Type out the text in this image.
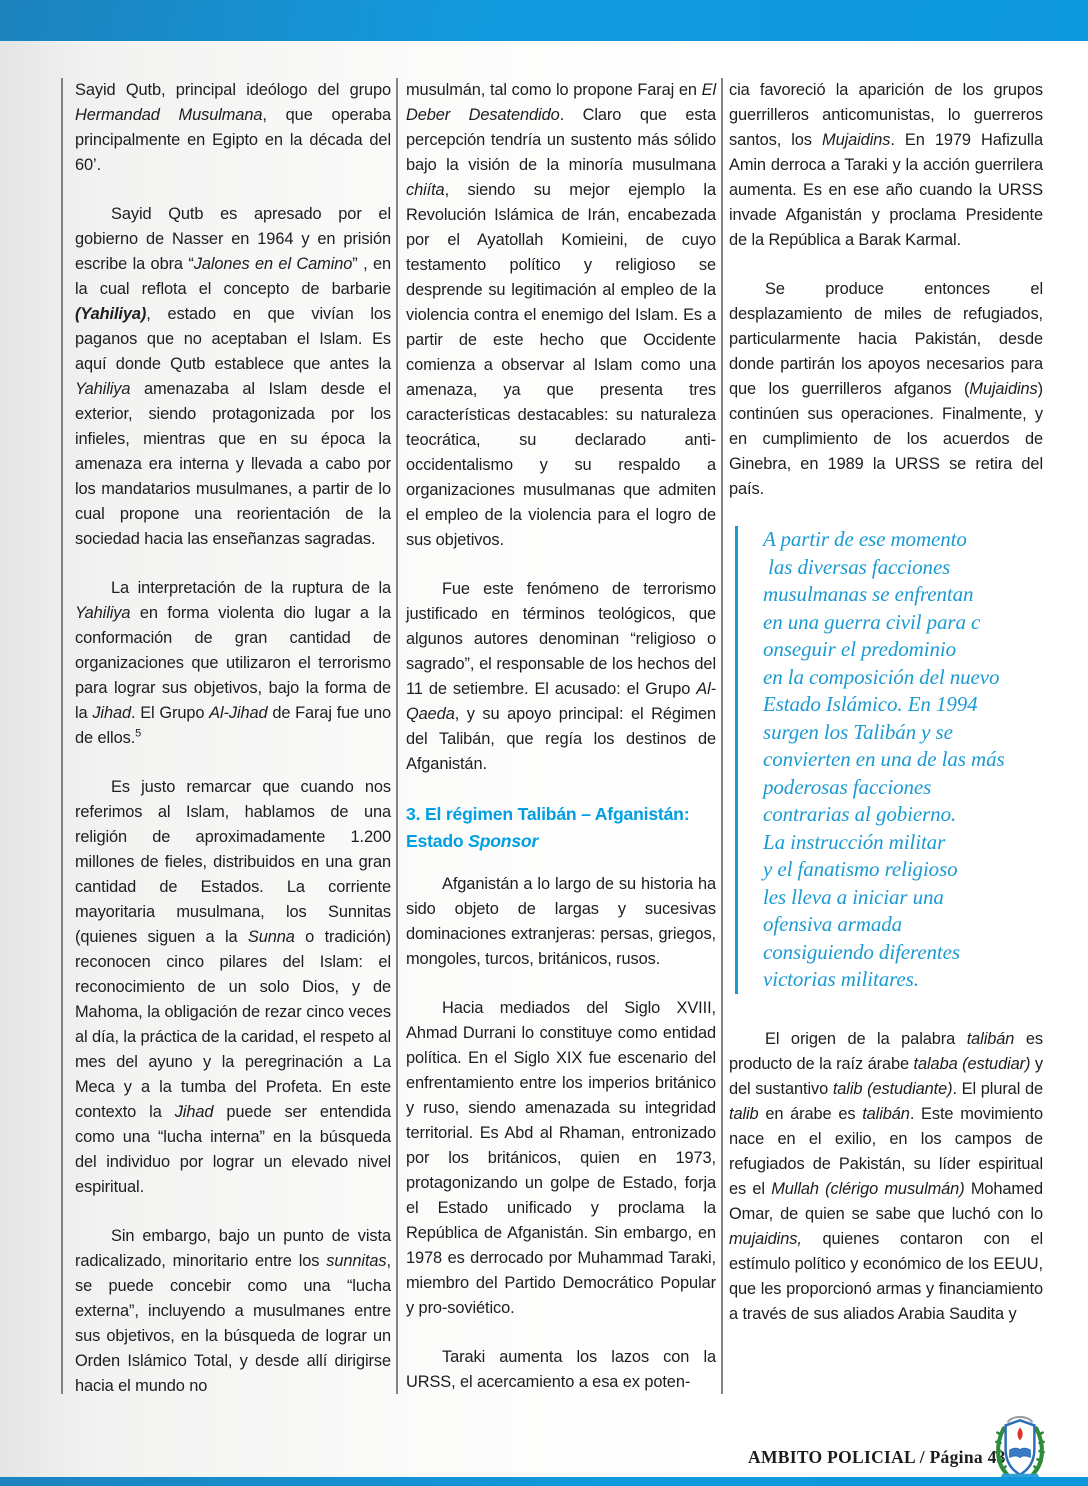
Sayid Qutb, principal ideólogo del grupo Hermandad Musulmana, que operaba principalmente en Egipto en la década del 60’.

Sayid Qutb es apresado por el gobierno de Nasser en 1964 y en prisión escribe la obra “Jalones en el Camino” , en la cual reflota el concepto de barbarie (Yahiliya), estado en que vivían los paganos que no aceptaban el Islam. Es aquí donde Qutb establece que antes la Yahiliya amenazaba al Islam desde el exterior, siendo protagonizada por los infieles, mientras que en su época la amenaza era interna y llevada a cabo por los mandatarios musulmanes, a partir de lo cual propone una reorientación de la sociedad hacia las enseñanzas sagradas.

La interpretación de la ruptura de la Yahiliya en forma violenta dio lugar a la conformación de gran cantidad de organizaciones que utilizaron el terrorismo para lograr sus objetivos, bajo la forma de la Jihad. El Grupo Al-Jihad de Faraj fue uno de ellos.$^5$

Es justo remarcar que cuando nos referimos al Islam, hablamos de una religión de aproximadamente 1.200 millones de fieles, distribuidos en una gran cantidad de Estados. La corriente mayoritaria musulmana, los Sunnitas (quienes siguen a la Sunna o tradición) reconocen cinco pilares del Islam: el reconocimiento de un solo Dios, y de Mahoma, la obligación de rezar cinco veces al día, la práctica de la caridad, el respeto al mes del ayuno y la peregrinación a La Meca y a la tumba del Profeta. En este contexto la Jihad puede ser entendida como una “lucha interna” en la búsqueda del individuo por lograr un elevado nivel espiritual.

Sin embargo, bajo un punto de vista radicalizado, minoritario entre los sunnitas, se puede concebir como una “lucha externa”, incluyendo a musulmanes entre sus objetivos, en la búsqueda de lograr un Orden Islámico Total, y desde allí dirigirse hacia el mundo no

musulmán, tal como lo propone Faraj en El Deber Desatendido. Claro que esta percepción tendría un sustento más sólido bajo la visión de la minoría musulmana chiíta, siendo su mejor ejemplo la Revolución Islámica de Irán, encabezada por el Ayatollah Komieini, de cuyo testamento político y religioso se desprende su legitimación al empleo de la violencia contra el enemigo del Islam. Es a partir de este hecho que Occidente comienza a observar al Islam como una amenaza, ya que presenta tres características destacables: su naturaleza teocrática, su declarado anti-occidentalismo y su respaldo a organizaciones musulmanas que admiten el empleo de la violencia para el logro de sus objetivos.

Fue este fenómeno de terrorismo justificado en términos teológicos, que algunos autores denominan “religioso o sagrado”, el responsable de los hechos del 11 de setiembre. El acusado: el Grupo Al-Qaeda, y su apoyo principal: el Régimen del Talibán, que regía los destinos de Afganistán.

3. El régimen Talibán – Afganistán: Estado Sponsor

Afganistán a lo largo de su historia ha sido objeto de largas y sucesivas dominaciones extranjeras: persas, griegos, mongoles, turcos, británicos, rusos.

Hacia mediados del Siglo XVIII, Ahmad Durrani lo constituye como entidad política. En el Siglo XIX fue escenario del enfrentamiento entre los imperios británico y ruso, siendo amenazada su integridad territorial. Es Abd al Rhaman, entronizado por los británicos, quien en 1973, protagonizando un golpe de Estado, forja el Estado unificado y proclama la República de Afganistán. Sin embargo, en 1978 es derrocado por Muhammad Taraki, miembro del Partido Democrático Popular y pro-soviético.

Taraki aumenta los lazos con la URSS, el acercamiento a esa ex poten-

cia favoreció la aparición de los grupos guerrilleros anticomunistas, lo guerreros santos, los Mujaidins. En 1979 Hafizulla Amin derroca a Taraki y la acción guerrilera aumenta. Es en ese año cuando la URSS invade Afganistán y proclama Presidente de la República a Barak Karmal.

Se produce entonces el desplazamiento de miles de refugiados, particularmente hacia Pakistán, desde donde partirán los apoyos necesarios para que los guerrilleros afganos (Mujaidins) continúen sus operaciones. Finalmente, y en cumplimiento de los acuerdos de Ginebra, en 1989 la URSS se retira del país.

A partir de ese momento
las diversas facciones
musulmanas se enfrentan
en una guerra civil para c
onseguir el predominio
en la composición del nuevo
Estado Islámico. En 1994
surgen los Talibán y se
convierten en una de las más
poderosas facciones
contrarias al gobierno.
La instrucción militar
y el fanatismo religioso
les lleva a iniciar una
ofensiva armada
consiguiendo diferentes
victorias militares.

El origen de la palabra talibán es producto de la raíz árabe talaba (estudiar) y del sustantivo talib (estudiante). El plural de talib en árabe es talibán. Este movimiento nace en el exilio, en los campos de refugiados de Pakistán, su líder espiritual es el Mullah (clérigo musulmán) Mohamed Omar, de quien se sabe que luchó con lo mujaidins, quienes contaron con el estímulo político y económico de los EEUU, que les proporcionó armas y financiamiento a través de sus aliados Arabia Saudita y

AMBITO POLICIAL / Página 43
